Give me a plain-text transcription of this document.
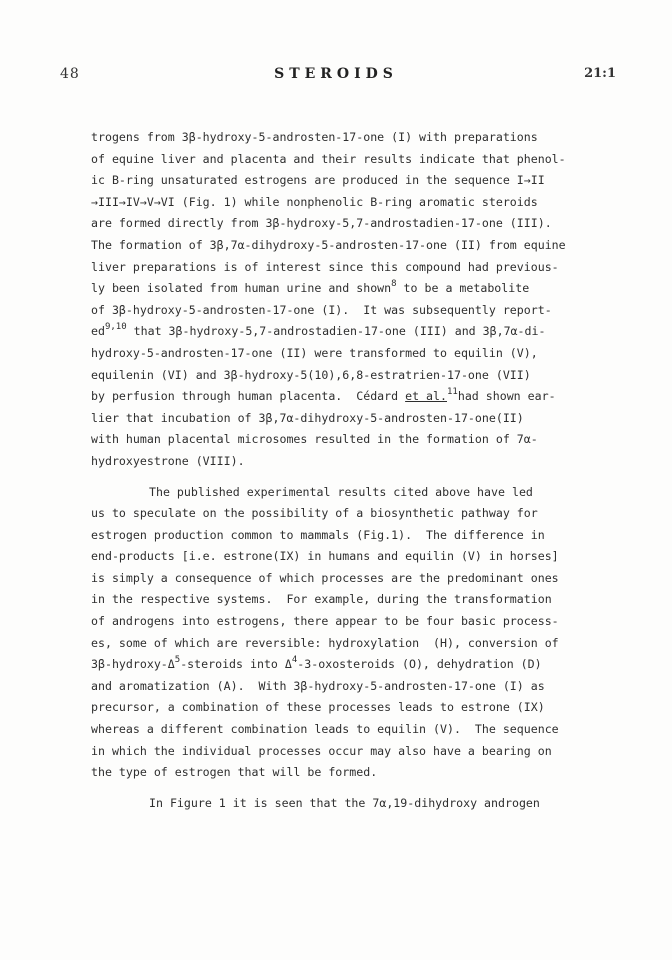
48	STEROIDS	21:1
trogens from 3β-hydroxy-5-androsten-17-one (I) with preparations
of equine liver and placenta and their results indicate that phenol-
ic B-ring unsaturated estrogens are produced in the sequence I→II
→III→IV→V→VI (Fig. 1) while nonphenolic B-ring aromatic steroids
are formed directly from 3β-hydroxy-5,7-androstadien-17-one (III).
The formation of 3β,7α-dihydroxy-5-androsten-17-one (II) from equine
liver preparations is of interest since this compound had previous-
ly been isolated from human urine and shown$^8$ to be a metabolite
of 3β-hydroxy-5-androsten-17-one (I).  It was subsequently report-
ed$^{9,10}$ that 3β-hydroxy-5,7-androstadien-17-one (III) and 3β,7α-di-
hydroxy-5-androsten-17-one (II) were transformed to equilin (V),
equilenin (VI) and 3β-hydroxy-5(10),6,8-estratrien-17-one (VII)
by perfusion through human placenta.  Cédard et al.$^{11}$had shown ear-
lier that incubation of 3β,7α-dihydroxy-5-androsten-17-one(II)
with human placental microsomes resulted in the formation of 7α-
hydroxyestrone (VIII).
The published experimental results cited above have led
us to speculate on the possibility of a biosynthetic pathway for
estrogen production common to mammals (Fig.1).  The difference in
end-products [i.e. estrone(IX) in humans and equilin (V) in horses]
is simply a consequence of which processes are the predominant ones
in the respective systems.  For example, during the transformation
of androgens into estrogens, there appear to be four basic process-
es, some of which are reversible: hydroxylation  (H), conversion of
$3\beta-hydroxy-\Delta^5$-steroids into $\Delta^4-3$-oxosteroids (O), dehydration (D)
and aromatization (A).  With 3β-hydroxy-5-androsten-17-one (I) as
precursor, a combination of these processes leads to estrone (IX)
whereas a different combination leads to equilin (V).  The sequence
in which the individual processes occur may also have a bearing on
the type of estrogen that will be formed.
In Figure 1 it is seen that the 7α,19-dihydroxy androgen
